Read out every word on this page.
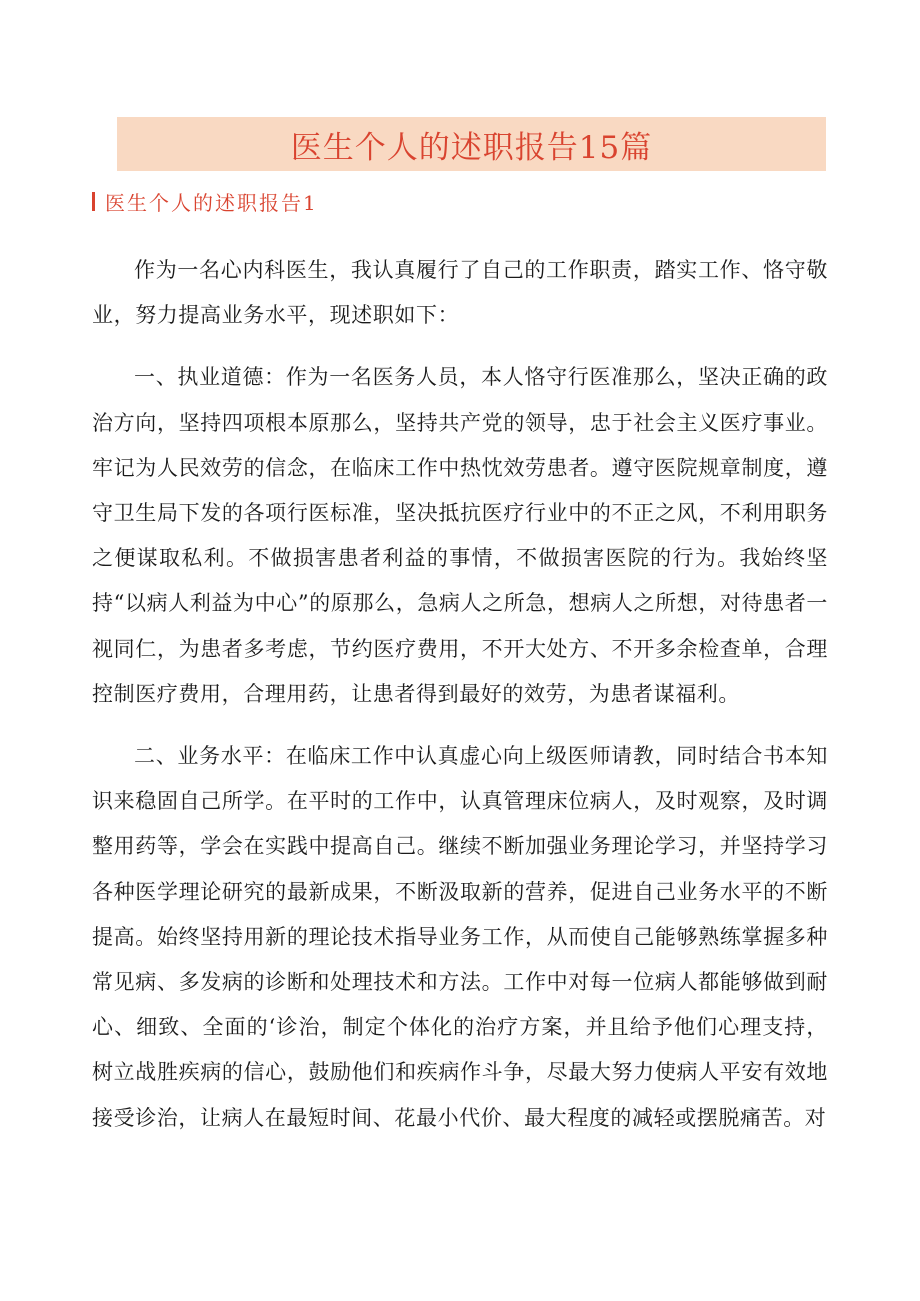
医生个人的述职报告15篇
医生个人的述职报告1

作为一名心内科医生，我认真履行了自己的工作职责，踏实工作、恪守敬业，努力提高业务水平，现述职如下：

一、执业道德：作为一名医务人员，本人恪守行医准那么，坚决正确的政治方向，坚持四项根本原那么，坚持共产党的领导，忠于社会主义医疗事业。牢记为人民效劳的信念，在临床工作中热忱效劳患者。遵守医院规章制度，遵守卫生局下发的各项行医标准，坚决抵抗医疗行业中的不正之风，不利用职务之便谋取私利。不做损害患者利益的事情，不做损害医院的行为。我始终坚持“以病人利益为中心”的原那么，急病人之所急，想病人之所想，对待患者一视同仁，为患者多考虑，节约医疗费用，不开大处方、不开多余检查单，合理控制医疗费用，合理用药，让患者得到最好的效劳，为患者谋福利。

二、业务水平：在临床工作中认真虚心向上级医师请教，同时结合书本知识来稳固自己所学。在平时的工作中，认真管理床位病人，及时观察，及时调整用药等，学会在实践中提高自己。继续不断加强业务理论学习，并坚持学习各种医学理论研究的最新成果，不断汲取新的营养，促进自己业务水平的不断提高。始终坚持用新的理论技术指导业务工作，从而使自己能够熟练掌握多种常见病、多发病的诊断和处理技术和方法。工作中对每一位病人都能够做到耐心、细致、全面的‘诊治，制定个体化的治疗方案，并且给予他们心理支持，树立战胜疾病的信心，鼓励他们和疾病作斗争，尽最大努力使病人平安有效地接受诊治，让病人在最短时间、花最小代价、最大程度的减轻或摆脱痛苦。对
